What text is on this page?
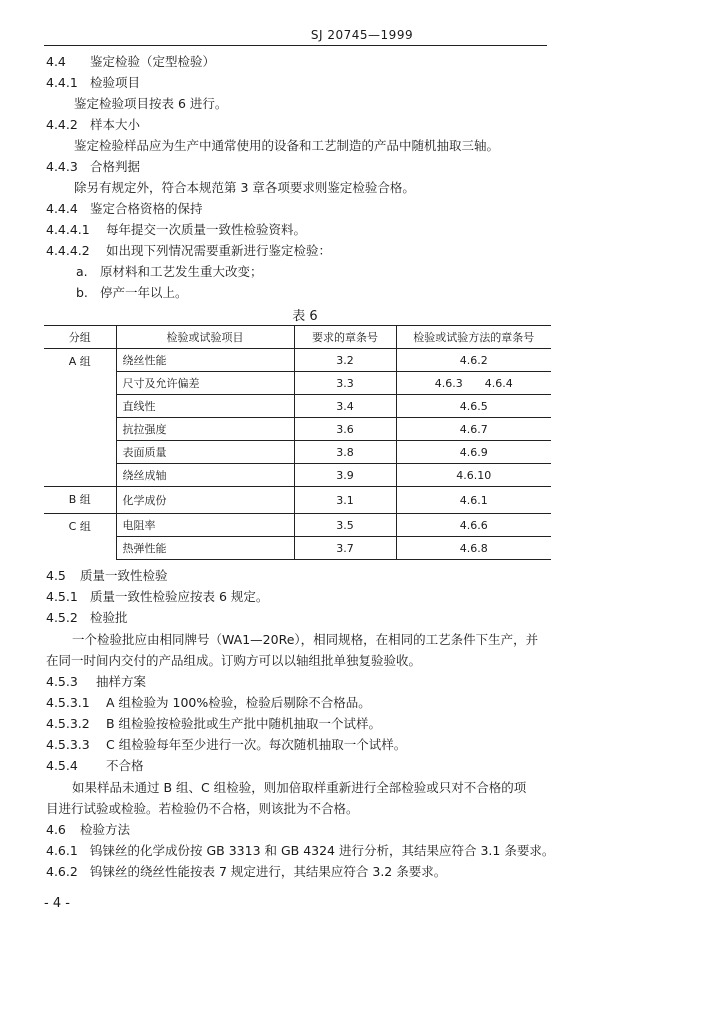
SJ 20745—1999
4.4 鉴定检验（定型检验）
4.4.1 检验项目
鉴定检验项目按表 6 进行。
4.4.2 样本大小
鉴定检验样品应为生产中通常使用的设备和工艺制造的产品中随机抽取三轴。
4.4.3 合格判据
除另有规定外，符合本规范第 3 章各项要求则鉴定检验合格。
4.4.4 鉴定合格资格的保持
4.4.4.1 每年提交一次质量一致性检验资料。
4.4.4.2 如出现下列情况需要重新进行鉴定检验：
a. 原材料和工艺发生重大改变；
b. 停产一年以上。
表 6
分组	检验或试验项目	要求的章条号	检验或试验方法的章条号
A 组	绕丝性能	3.2	4.6.2
	尺寸及允许偏差	3.3	4.6.3　　4.6.4
	直线性	3.4	4.6.5
	抗拉强度	3.6	4.6.7
	表面质量	3.8	4.6.9
	绕丝成轴	3.9	4.6.10
B 组	化学成份	3.1	4.6.1
C 组	电阻率	3.5	4.6.6
	热弹性能	3.7	4.6.8
4.5 质量一致性检验
4.5.1 质量一致性检验应按表 6 规定。
4.5.2 检验批
一个检验批应由相同牌号（WA1—20Re），相同规格，在相同的工艺条件下生产，并
在同一时间内交付的产品组成。订购方可以以轴组批单独复验验收。
4.5.3 抽样方案
4.5.3.1 A 组检验为 100%检验，检验后剔除不合格品。
4.5.3.2 B 组检验按检验批或生产批中随机抽取一个试样。
4.5.3.3 C 组检验每年至少进行一次。每次随机抽取一个试样。
4.5.4 不合格
如果样品未通过 B 组、C 组检验，则加倍取样重新进行全部检验或只对不合格的项
目进行试验或检验。若检验仍不合格，则该批为不合格。
4.6 检验方法
4.6.1 钨铼丝的化学成份按 GB 3313 和 GB 4324 进行分析，其结果应符合 3.1 条要求。
4.6.2 钨铼丝的绕丝性能按表 7 规定进行，其结果应符合 3.2 条要求。
- 4 -
